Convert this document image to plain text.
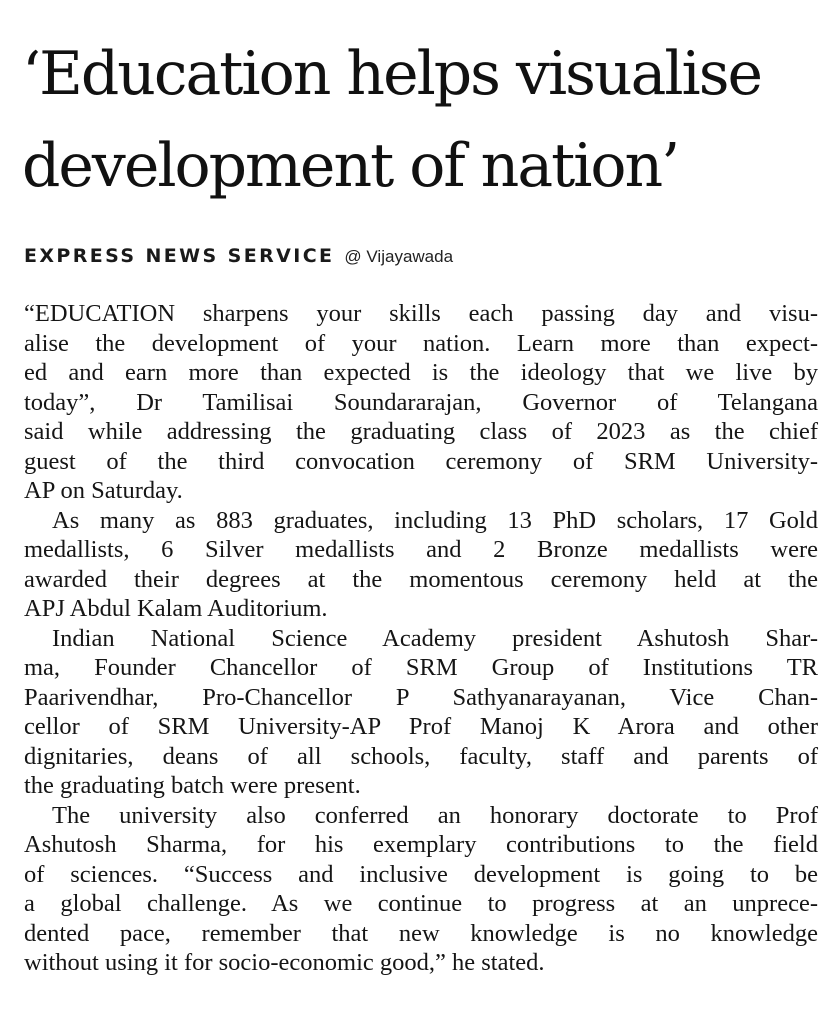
‘Education helps visualise
development of nation’
EXPRESS NEWS SERVICE @ Vijayawada
“EDUCATION sharpens your skills each passing day and visu-
alise the development of your nation. Learn more than expect-
ed and earn more than expected is the ideology that we live by
today”, Dr Tamilisai Soundararajan, Governor of Telangana
said while addressing the graduating class of 2023 as the chief
guest of the third convocation ceremony of SRM University-
AP on Saturday.
As many as 883 graduates, including 13 PhD scholars, 17 Gold
medallists, 6 Silver medallists and 2 Bronze medallists were
awarded their degrees at the momentous ceremony held at the
APJ Abdul Kalam Auditorium.
Indian National Science Academy president Ashutosh Shar-
ma, Founder Chancellor of SRM Group of Institutions TR
Paarivendhar, Pro-Chancellor P Sathyanarayanan, Vice Chan-
cellor of SRM University-AP Prof Manoj K Arora and other
dignitaries, deans of all schools, faculty, staff and parents of
the graduating batch were present.
The university also conferred an honorary doctorate to Prof
Ashutosh Sharma, for his exemplary contributions to the field
of sciences. “Success and inclusive development is going to be
a global challenge. As we continue to progress at an unprece-
dented pace, remember that new knowledge is no knowledge
without using it for socio-economic good,” he stated.
